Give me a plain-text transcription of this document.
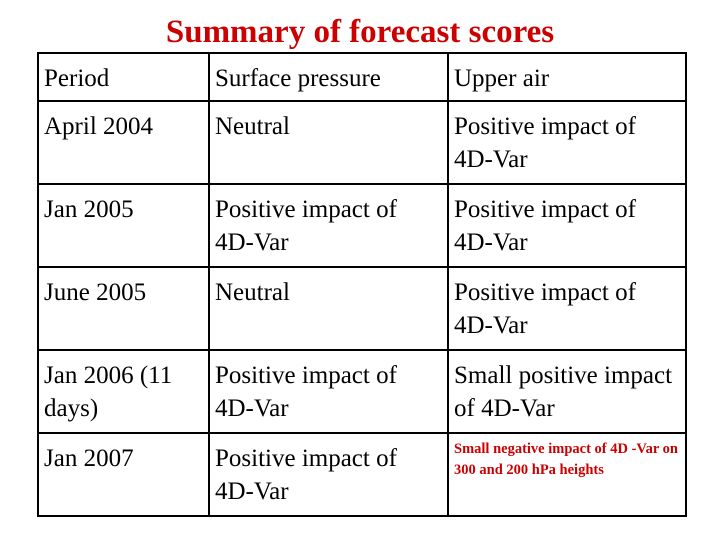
Summary of forecast scores
Period	Surface pressure	Upper air
April 2004	Neutral	Positive impact of 4D-Var
Jan 2005	Positive impact of 4D-Var	Positive impact of 4D-Var
June 2005	Neutral	Positive impact of 4D-Var
Jan 2006 (11 days)	Positive impact of 4D-Var	Small positive impact of 4D-Var
Jan 2007	Positive impact of 4D-Var	Small negative impact of 4D -Var on 300 and 200 hPa heights
